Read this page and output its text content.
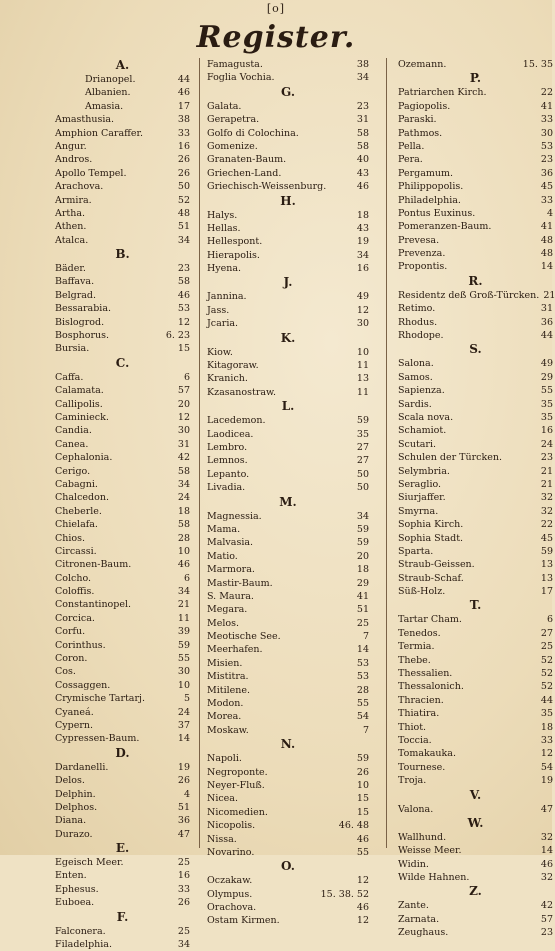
[o]
Register.
A.
Drianopel.	44
Albanien.	46
Amasia.	17
Amasthusia.	38
Amphion Caraffer.	33
Angur.	16
Andros.	26
Apollo Tempel.	26
Arachova.	50
Armira.	52
Artha.	48
Athen.	51
Atalca.	34
B.
Bäder.	23
Baffava.	58
Belgrad.	46
Bessarabia.	53
Bislogrod.	12
Bosphorus.	6. 23
Bursia.	15
C.
Caffa.	6
Calamata.	57
Callipolis.	20
Caminieck.	12
Candia.	30
Canea.	31
Cephalonia.	42
Cerigo.	58
Cabagni.	34
Chalcedon.	24
Cheberle.	18
Chielafa.	58
Chios.	28
Circassi.	10
Citronen-Baum.	46
Colcho.	6
Coloffis.	34
Constantinopel.	21
Corcica.	11
Corfu.	39
Corinthus.	59
Coron.	55
Cos.	30
Cossaggen.	10
Crymische Tartarj.	5
Cyaneá.	24
Cypern.	37
Cypressen-Baum.	14
D.
Dardanelli.	19
Delos.	26
Delphin.	4
Delphos.	51
Diana.	36
Durazo.	47
E.
Egeisch Meer.	25
Enten.	16
Ephesus.	33
Euboea.	26
F.
Falconera.	25
Filadelphia.	34
Famagusta.	38
Foglia Vochia.	34
G.
Galata.	23
Gerapetra.	31
Golfo di Colochina.	58
Gomenize.	58
Granaten-Baum.	40
Griechen-Land.	43
Griechisch-Weissenburg.	46
H.
Halys.	18
Hellas.	43
Hellespont.	19
Hierapolis.	34
Hyena.	16
J.
Jannina.	49
Jass.	12
Jcaria.	30
K.
Kiow.	10
Kitagoraw.	11
Kranich.	13
Kzasanostraw.	11
L.
Lacedemon.	59
Laodicea.	35
Lembro.	27
Lemnos.	27
Lepanto.	50
Livadia.	50
M.
Magnessia.	34
Mama.	59
Malvasia.	59
Matio.	20
Marmora.	18
Mastir-Baum.	29
S. Maura.	41
Megara.	51
Melos.	25
Meotische See.	7
Meerhafen.	14
Misien.	53
Mistitra.	53
Mitilene.	28
Modon.	55
Morea.	54
Moskaw.	7
N.
Napoli.	59
Negroponte.	26
Neyer-Fluß.	10
Nicea.	15
Nicomedien.	15
Nicopolis.	46. 48
Nissa.	46
Novarino.	55
O.
Oczakaw.	12
Olympus.	15. 38. 52
Orachova.	46
Ostam Kirmen.	12
Ozemann.	15. 35
P.
Patriarchen Kirch.	22
Pagiopolis.	41
Paraski.	33
Pathmos.	30
Pella.	53
Pera.	23
Pergamum.	36
Philippopolis.	45
Philadelphia.	33
Pontus Euxinus.	4
Pomeranzen-Baum.	41
Prevesa.	48
Prevenza.	48
Propontis.	14
R.
Residentz deß Groß-Türcken. 21
Retimo.	31
Rhodus.	36
Rhodope.	44
S.
Salona.	49
Samos.	29
Sapienza.	55
Sardis.	35
Scala nova.	35
Schamiot.	16
Scutari.	24
Schulen der Türcken.	23
Selymbria.	21
Seraglio.	21
Siurjaffer.	32
Smyrna.	32
Sophia Kirch.	22
Sophia Stadt.	45
Sparta.	59
Straub-Geissen.	13
Straub-Schaf.	13
Süß-Holz.	17
T.
Tartar Cham.	6
Tenedos.	27
Termia.	25
Thebe.	52
Thessalien.	52
Thessalonich.	52
Thracien.	44
Thiatira.	35
Thiot.	18
Toccia.	33
Tomakauka.	12
Tournese.	54
Troja.	19
V.
Valona.	47
W.
Wallhund.	32
Weisse Meer.	14
Widin.	46
Wilde Hahnen.	32
Z.
Zante.	42
Zarnata.	57
Zeughaus.	23
